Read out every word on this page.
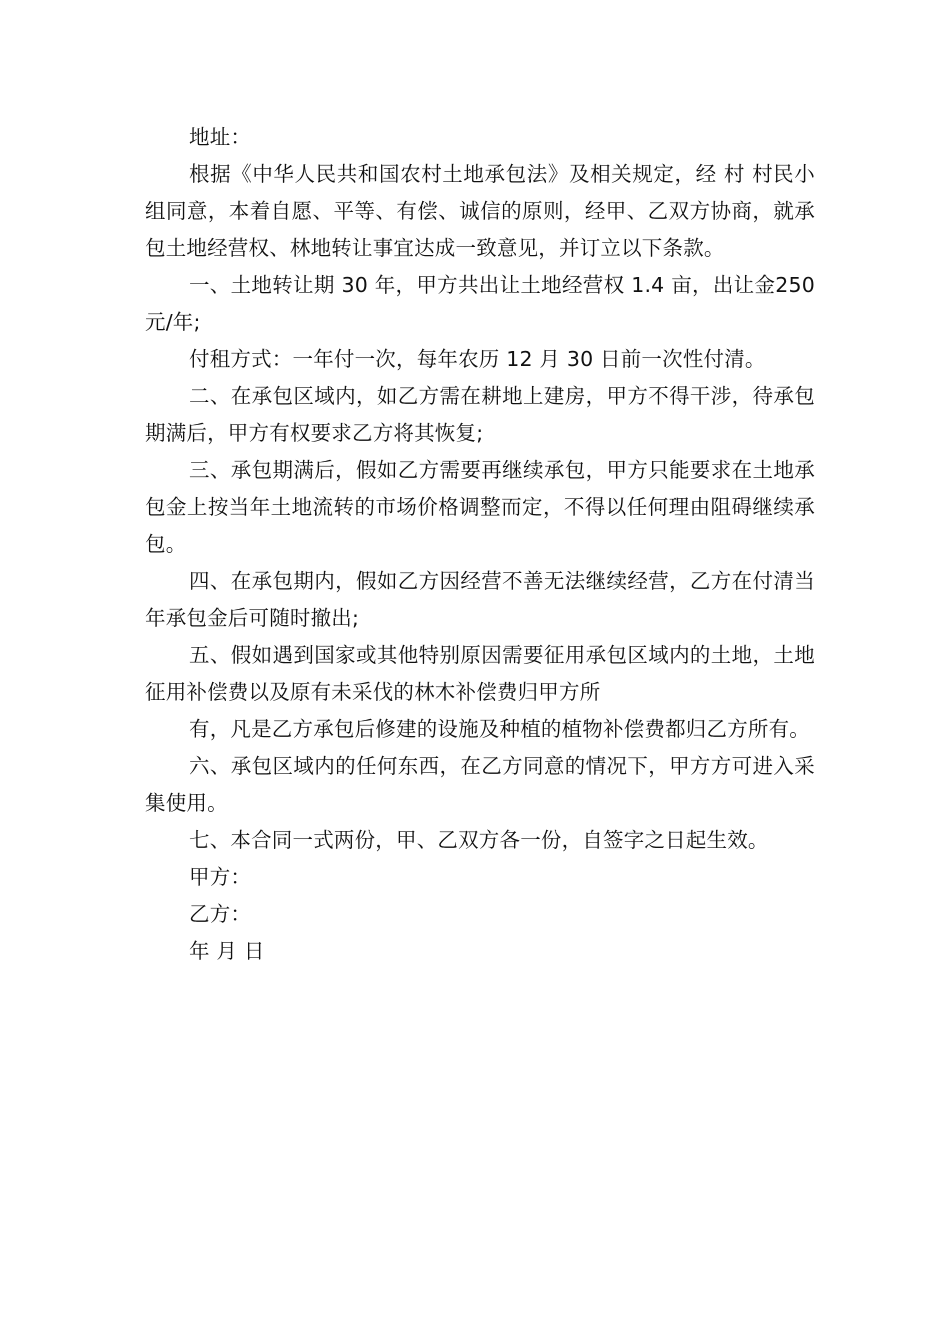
地址：

根据《中华人民共和国农村土地承包法》及相关规定，经 村 村民小组同意，本着自愿、平等、有偿、诚信的原则，经甲、乙双方协商，就承包土地经营权、林地转让事宜达成一致意见，并订立以下条款。

一、土地转让期 30 年，甲方共出让土地经营权 1.4 亩，出让金250 元/年;

付租方式：一年付一次，每年农历 12 月 30 日前一次性付清。

二、在承包区域内，如乙方需在耕地上建房，甲方不得干涉，待承包期满后，甲方有权要求乙方将其恢复;

三、承包期满后，假如乙方需要再继续承包，甲方只能要求在土地承包金上按当年土地流转的市场价格调整而定，不得以任何理由阻碍继续承包。

四、在承包期内，假如乙方因经营不善无法继续经营，乙方在付清当年承包金后可随时撤出;

五、假如遇到国家或其他特别原因需要征用承包区域内的土地，土地征用补偿费以及原有未采伐的林木补偿费归甲方所

有，凡是乙方承包后修建的设施及种植的植物补偿费都归乙方所有。

六、承包区域内的任何东西，在乙方同意的情况下，甲方方可进入采集使用。

七、本合同一式两份，甲、乙双方各一份，自签字之日起生效。

甲方：

乙方：

年 月 日
